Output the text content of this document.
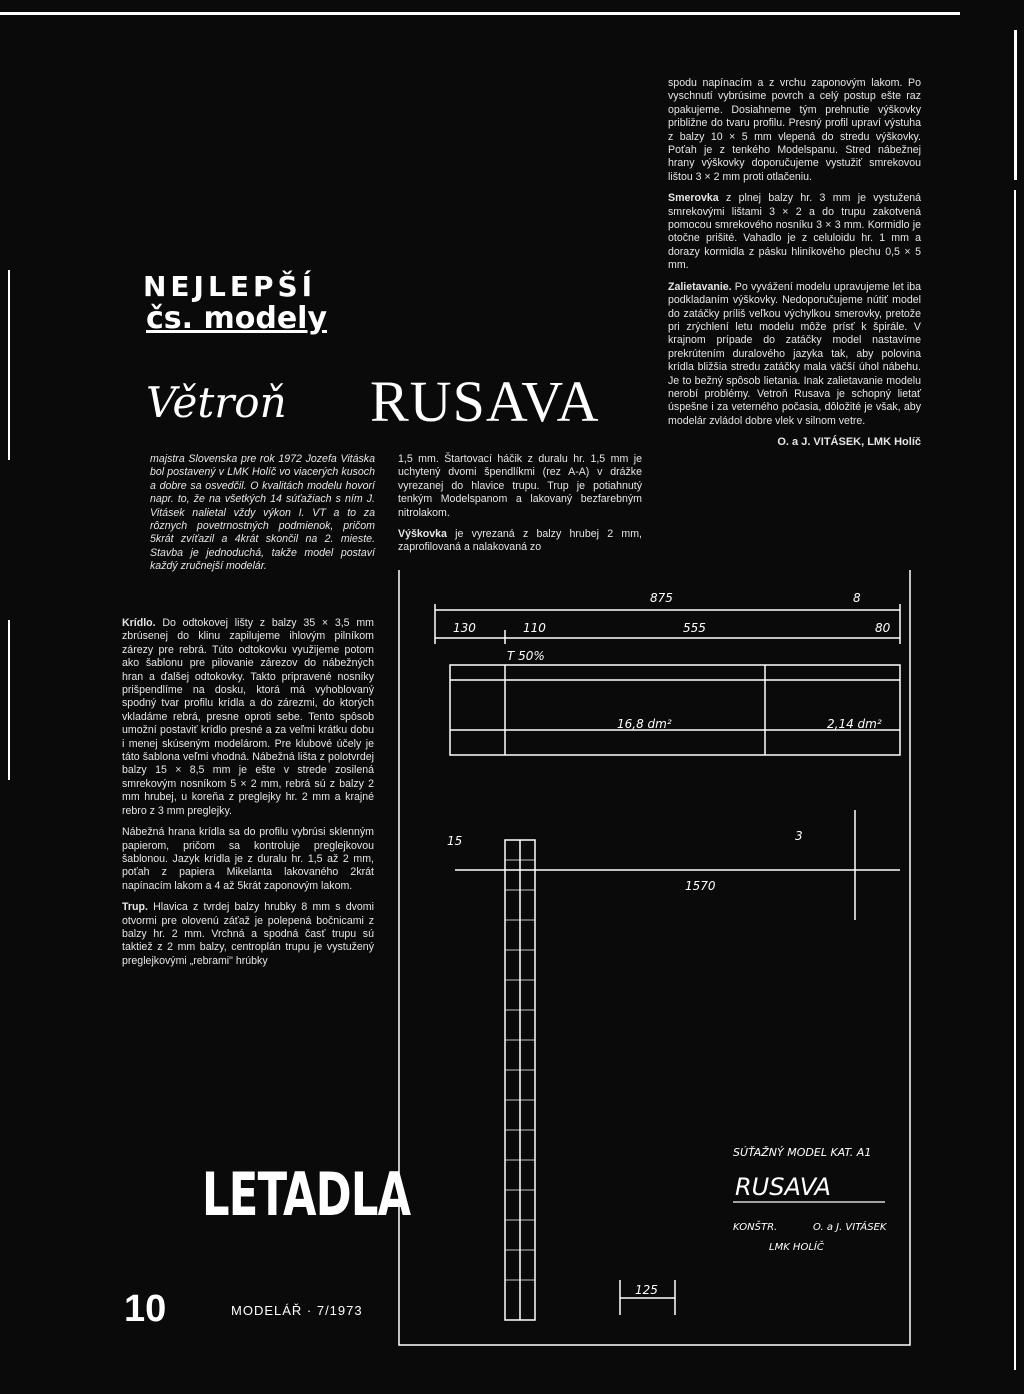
NEJLEPŠÍ
čs. modely
Větroň RUSAVA
majstra Slovenska pre rok 1972 Jozefa Vitáska bol postavený v LMK Holíč vo viacerých kusoch a dobre sa osvedčil. O kvalitách modelu hovorí napr. to, že na všetkých 14 súťažiach s ním J. Vitásek nalietal vždy výkon I. VT a to za rôznych povetrnostných podmienok, pričom 5krát zvíťazil a 4krát skončil na 2. mieste. Stavba je jednoduchá, takže model postaví každý zručnejší modelár.

1,5 mm. Štartovací háčik z duralu hr. 1,5 mm je uchytený dvomi špendlíkmi (rez A-A) v drážke vyrezanej do hlavice trupu. Trup je potiahnutý tenkým Modelspanom a lakovaný bezfarebným nitrolakom.

Výškovka je vyrezaná z balzy hrubej 2 mm, zaprofilovaná a nalakovaná zo

spodu napínacím a z vrchu zaponovým lakom. Po vyschnutí vybrúsime povrch a celý postup ešte raz opakujeme. Dosiahneme tým prehnutie výškovky približne do tvaru profilu. Presný profil upraví výstuha z balzy 10 × 5 mm vlepená do stredu výškovky. Poťah je z tenkého Modelspanu. Stred nábežnej hrany výškovky doporučujeme vystužiť smrekovou lištou 3 × 2 mm proti otlačeniu.

Smerovka z plnej balzy hr. 3 mm je vystužená smrekovými lištami 3 × 2 a do trupu zakotvená pomocou smrekového nosníku 3 × 3 mm. Kormidlo je otočne prišité. Vahadlo je z celuloidu hr. 1 mm a dorazy kormidla z pásku hliníkového plechu 0,5 × 5 mm.

Zalietavanie. Po vyvážení modelu upravujeme let iba podkladaním výškovky. Nedoporučujeme nútiť model do zatáčky príliš veľkou výchylkou smerovky, pretože pri zrýchlení letu modelu môže prísť k špirále. V krajnom prípade do zatáčky model nastavíme prekrútením duralového jazyka tak, aby polovina krídla bližšia stredu zatáčky mala väčší úhol nábehu. Je to bežný spôsob lietania. Inak zalietavanie modelu nerobí problémy. Vetroň Rusava je schopný lietať úspešne i za veterného počasia, dôložité je však, aby modelár zvládol dobre vlek v silnom vetre.

O. a J. VITÁSEK, LMK Holíč

Krídlo. Do odtokovej lišty z balzy 35 × 3,5 mm zbrúsenej do klinu zapilujeme ihlovým pilníkom zárezy pre rebrá. Túto odtokovku využijeme potom ako šablonu pre pilovanie zárezov do nábežných hran a ďalšej odtokovky. Takto pripravené nosníky prišpendlíme na dosku, ktorá má vyhoblovaný spodný tvar profilu krídla a do zárezmi, do ktorých vkladáme rebrá, presne oproti sebe. Tento spôsob umožní postaviť krídlo presné a za veľmi krátku dobu i menej skúseným modelárom. Pre klubové účely je táto šablona veľmi vhodná. Nábežná lišta z polotvrdej balzy 15 × 8,5 mm je ešte v strede zosilená smrekovým nosníkom 5 × 2 mm, rebrá sú z balzy 2 mm hrubej, u koreňa z preglejky hr. 2 mm a krajné rebro z 3 mm preglejky.

Nábežná hrana krídla sa do profilu vybrúsi sklenným papierom, pričom sa kontroluje preglejkovou šablonou. Jazyk krídla je z duralu hr. 1,5 až 2 mm, poťah z papiera Mikelanta lakovaného 2krát napínacím lakom a 4 až 5krát zaponovým lakom.

Trup. Hlavica z tvrdej balzy hrubky 8 mm s dvomi otvormi pre olovenú záťaž je polepená bočnicami z balzy hr. 2 mm. Vrchná a spodná časť trupu sú taktiež z 2 mm balzy, centroplán trupu je vystužený preglejkovými „rebrami" hrúbky

875	8
130	110	555	80
T 50%
16,8 dm²	2,14 dm²
15	3
1570
125
SÚŤAŽNÝ MODEL KAT. A1
RUSAVA
KONŠTR.	O. a J. VITÁSEK
LMK HOLÍČ
LETADLA
10	MODELÁŘ · 7/1973
